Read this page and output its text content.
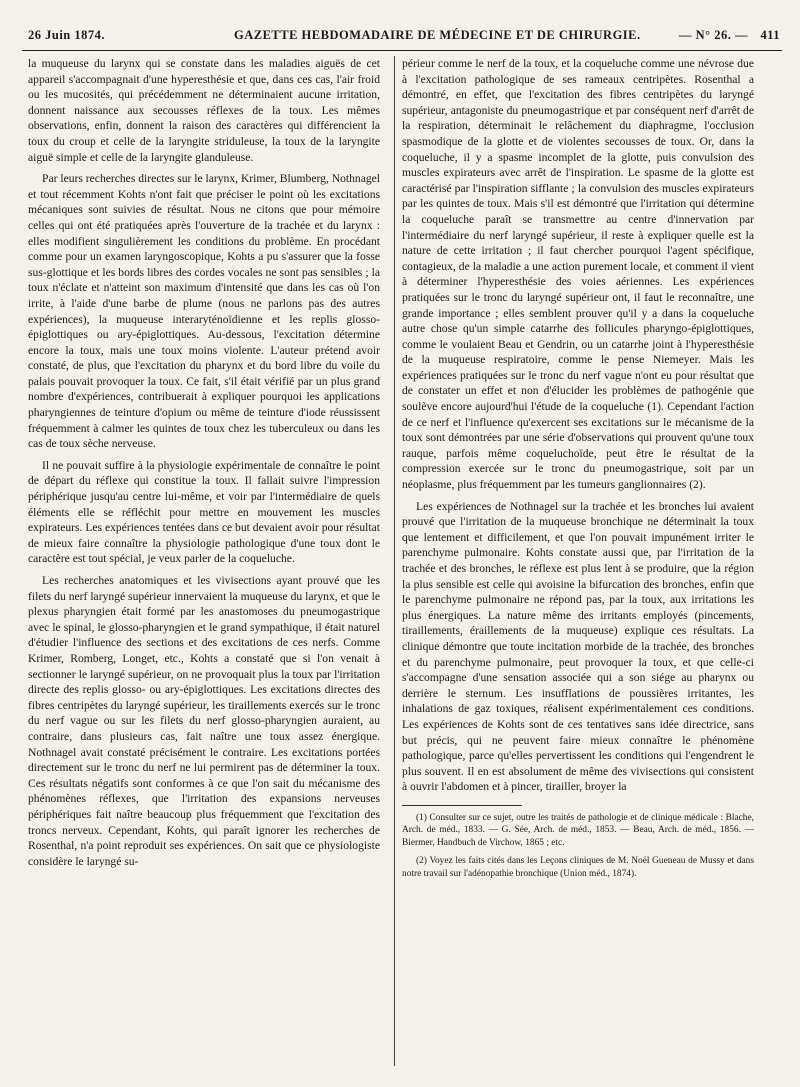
26 Juin 1874.	GAZETTE HEBDOMADAIRE DE MÉDECINE ET DE CHIRURGIE.	— N° 26. — 411

la muqueuse du larynx qui se constate dans les maladies aiguës de cet appareil s'accompagnait d'une hyperesthésie et que, dans ces cas, l'air froid ou les mucosités, qui précédemment ne déterminaient aucune irritation, donnent naissance aux secousses réflexes de la toux. Les mêmes observations, enfin, donnent la raison des caractères qui différencient la toux du croup et celle de la laryngite striduleuse, la toux de la laryngite aiguë simple et celle de la laryngite glanduleuse.

Par leurs recherches directes sur le larynx, Krimer, Blumberg, Nothnagel et tout récemment Kohts n'ont fait que préciser le point où les excitations mécaniques sont suivies de résultat. Nous ne citons que pour mémoire celles qui ont été pratiquées après l'ouverture de la trachée et du larynx : elles modifient singulièrement les conditions du problème. En procédant comme pour un examen laryngoscopique, Kohts a pu s'assurer que la fosse sus-glottique et les bords libres des cordes vocales ne sont pas sensibles ; la toux n'éclate et n'atteint son maximum d'intensité que dans les cas où l'on irrite, à l'aide d'une barbe de plume (nous ne parlons pas des autres expériences), la muqueuse interaryténoïdienne et les replis glosso-épiglottiques ou ary-épiglottiques. Au-dessous, l'excitation détermine encore la toux, mais une toux moins violente. L'auteur prétend avoir constaté, de plus, que l'excitation du pharynx et du bord libre du voile du palais pouvait provoquer la toux. Ce fait, s'il était vérifié par un plus grand nombre d'expériences, contribuerait à expliquer pourquoi les applications pharyngiennes de teinture d'opium ou même de teinture d'iode réussissent fréquemment à calmer les quintes de toux chez les tuberculeux ou dans les cas de toux sèche nerveuse.

Il ne pouvait suffire à la physiologie expérimentale de connaître le point de départ du réflexe qui constitue la toux. Il fallait suivre l'impression périphérique jusqu'au centre lui-même, et voir par l'intermédiaire de quels éléments elle se réfléchit pour mettre en mouvement les muscles expirateurs. Les expériences tentées dans ce but devaient avoir pour résultat de mieux faire connaître la physiologie pathologique d'une toux dont le caractère est tout spécial, je veux parler de la coqueluche.

Les recherches anatomiques et les vivisections ayant prouvé que les filets du nerf laryngé supérieur innervaient la muqueuse du larynx, et que le plexus pharyngien était formé par les anastomoses du pneumogastrique avec le spinal, le glosso-pharyngien et le grand sympathique, il était naturel d'étudier l'influence des sections et des excitations de ces nerfs. Comme Krimer, Romberg, Longet, etc., Kohts a constaté que si l'on venait à sectionner le laryngé supérieur, on ne provoquait plus la toux par l'irritation directe des replis glosso- ou ary-épiglottiques. Les excitations directes des fibres centripètes du laryngé supérieur, les tiraillements exercés sur le tronc du nerf vague ou sur les filets du nerf glosso-pharyngien auraient, au contraire, dans plusieurs cas, fait naître une toux assez énergique. Nothnagel avait constaté précisément le contraire. Les excitations portées directement sur le tronc du nerf ne lui permirent pas de déterminer la toux. Ces résultats négatifs sont conformes à ce que l'on sait du mécanisme des phénomènes réflexes, que l'irritation des expansions nerveuses périphériques fait naître beaucoup plus fréquemment que l'excitation des troncs nerveux. Cependant, Kohts, qui paraît ignorer les recherches de Rosenthal, n'a point reproduit ses expériences. On sait que ce physiologiste considère le laryngé su-

périeur comme le nerf de la toux, et la coqueluche comme une névrose due à l'excitation pathologique de ses rameaux centripètes. Rosenthal a démontré, en effet, que l'excitation des fibres centripètes du laryngé supérieur, antagoniste du pneumogastrique et par conséquent nerf d'arrêt de la respiration, déterminait le relâchement du diaphragme, l'occlusion spasmodique de la glotte et de violentes secousses de toux. Or, dans la coqueluche, il y a spasme incomplet de la glotte, puis convulsion des muscles expirateurs avec arrêt de l'inspiration. Le spasme de la glotte est caractérisé par l'inspiration sifflante ; la convulsion des muscles expirateurs par les quintes de toux. Mais s'il est démontré que l'irritation qui détermine la coqueluche paraît se transmettre au centre d'innervation par l'intermédiaire du nerf laryngé supérieur, il reste à expliquer quelle est la nature de cette irritation ; il faut chercher pourquoi l'agent spécifique, contagieux, de la maladie a une action purement locale, et comment il vient à déterminer l'hyperesthésie des voies aériennes. Les expériences pratiquées sur le tronc du laryngé supérieur ont, il faut le reconnaître, une grande importance ; elles semblent prouver qu'il y a dans la coqueluche autre chose qu'un simple catarrhe des follicules pharyngo-épiglottiques, comme le voulaient Beau et Gendrin, ou un catarrhe joint à l'hyperesthésie de la muqueuse respiratoire, comme le pense Niemeyer. Mais les expériences pratiquées sur le tronc du nerf vague n'ont eu pour résultat que de constater un effet et non d'élucider les problèmes de pathogénie que soulève encore aujourd'hui l'étude de la coqueluche (1). Cependant l'action de ce nerf et l'influence qu'exercent ses excitations sur le mécanisme de la toux sont démontrées par une série d'observations qui prouvent qu'une toux rauque, parfois même coqueluchoïde, peut être le résultat de la compression exercée sur le tronc du pneumogastrique, soit par un néoplasme, plus fréquemment par les tumeurs ganglionnaires (2).

Les expériences de Nothnagel sur la trachée et les bronches lui avaient prouvé que l'irritation de la muqueuse bronchique ne déterminait la toux que lentement et difficilement, et que l'on pouvait impunément irriter le parenchyme pulmonaire. Kohts constate aussi que, par l'irritation de la trachée et des bronches, le réflexe est plus lent à se produire, que la région la plus sensible est celle qui avoisine la bifurcation des bronches, enfin que le parenchyme pulmonaire ne répond pas, par la toux, aux irritations les plus énergiques. La nature même des irritants employés (pincements, tiraillements, éraillements de la muqueuse) explique ces résultats. La clinique démontre que toute incitation morbide de la trachée, des bronches et du parenchyme pulmonaire, peut provoquer la toux, et que celle-ci s'accompagne d'une sensation associée qui a son siége au pharynx ou derrière le sternum. Les insufflations de poussières irritantes, les inhalations de gaz toxiques, réalisent expérimentalement ces conditions. Les expériences de Kohts sont de ces tentatives sans idée directrice, sans but précis, qui ne peuvent faire mieux connaître le phénomène pathologique, parce qu'elles pervertissent les conditions qui l'engendrent le plus souvent. Il en est absolument de même des vivisections qui consistent à ouvrir l'abdomen et à pincer, tirailler, broyer la

(1) Consulter sur ce sujet, outre les traités de pathologie et de clinique médicale : Blache, Arch. de méd., 1833. — G. Sée, Arch. de méd., 1853. — Beau, Arch. de méd., 1856. — Biermer, Handbuch de Virchow, 1865 ; etc.

(2) Voyez les faits cités dans les Leçons cliniques de M. Noël Gueneau de Mussy et dans notre travail sur l'adénopathie bronchique (Union méd., 1874).
